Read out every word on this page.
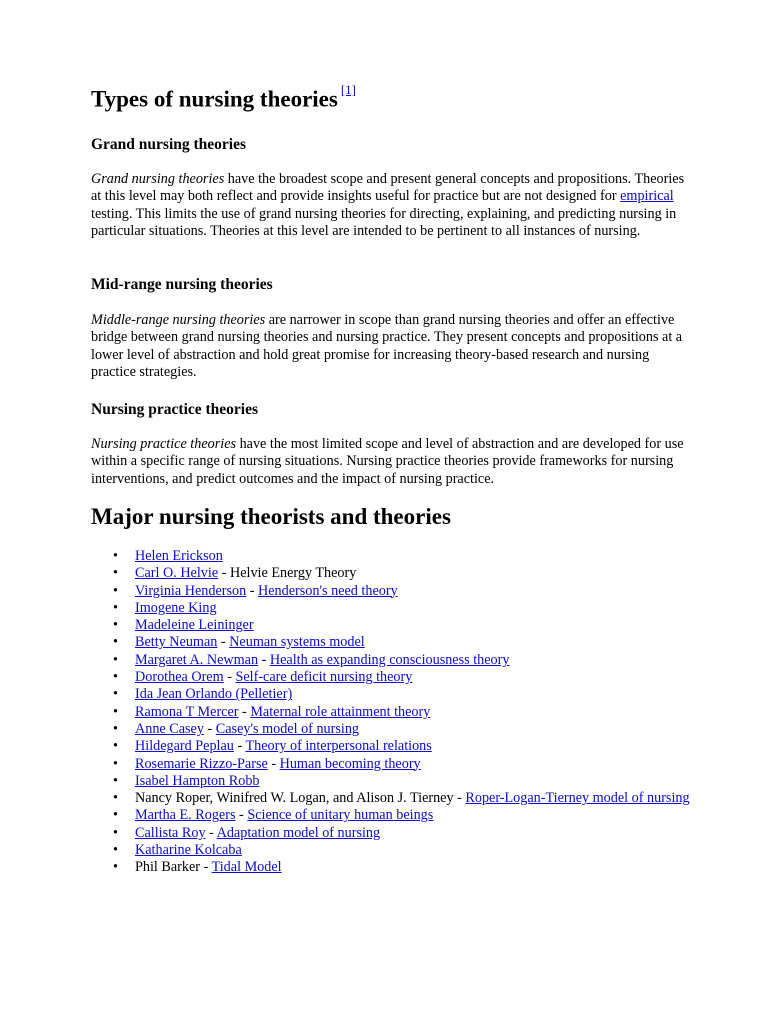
Types of nursing theories [1]
Grand nursing theories

Grand nursing theories have the broadest scope and present general concepts and propositions. Theories at this level may both reflect and provide insights useful for practice but are not designed for empirical testing. This limits the use of grand nursing theories for directing, explaining, and predicting nursing in particular situations. Theories at this level are intended to be pertinent to all instances of nursing.

Mid-range nursing theories

Middle-range nursing theories are narrower in scope than grand nursing theories and offer an effective bridge between grand nursing theories and nursing practice. They present concepts and propositions at a lower level of abstraction and hold great promise for increasing theory-based research and nursing practice strategies.

Nursing practice theories

Nursing practice theories have the most limited scope and level of abstraction and are developed for use within a specific range of nursing situations. Nursing practice theories provide frameworks for nursing interventions, and predict outcomes and the impact of nursing practice.

Major nursing theorists and theories
• Helen Erickson
• Carl O. Helvie - Helvie Energy Theory
• Virginia Henderson - Henderson's need theory
• Imogene King
• Madeleine Leininger
• Betty Neuman - Neuman systems model
• Margaret A. Newman - Health as expanding consciousness theory
• Dorothea Orem - Self-care deficit nursing theory
• Ida Jean Orlando (Pelletier)
• Ramona T Mercer - Maternal role attainment theory
• Anne Casey - Casey's model of nursing
• Hildegard Peplau - Theory of interpersonal relations
• Rosemarie Rizzo-Parse - Human becoming theory
• Isabel Hampton Robb
• Nancy Roper, Winifred W. Logan, and Alison J. Tierney - Roper-Logan-Tierney model of nursing
• Martha E. Rogers - Science of unitary human beings
• Callista Roy - Adaptation model of nursing
• Katharine Kolcaba
• Phil Barker - Tidal Model
